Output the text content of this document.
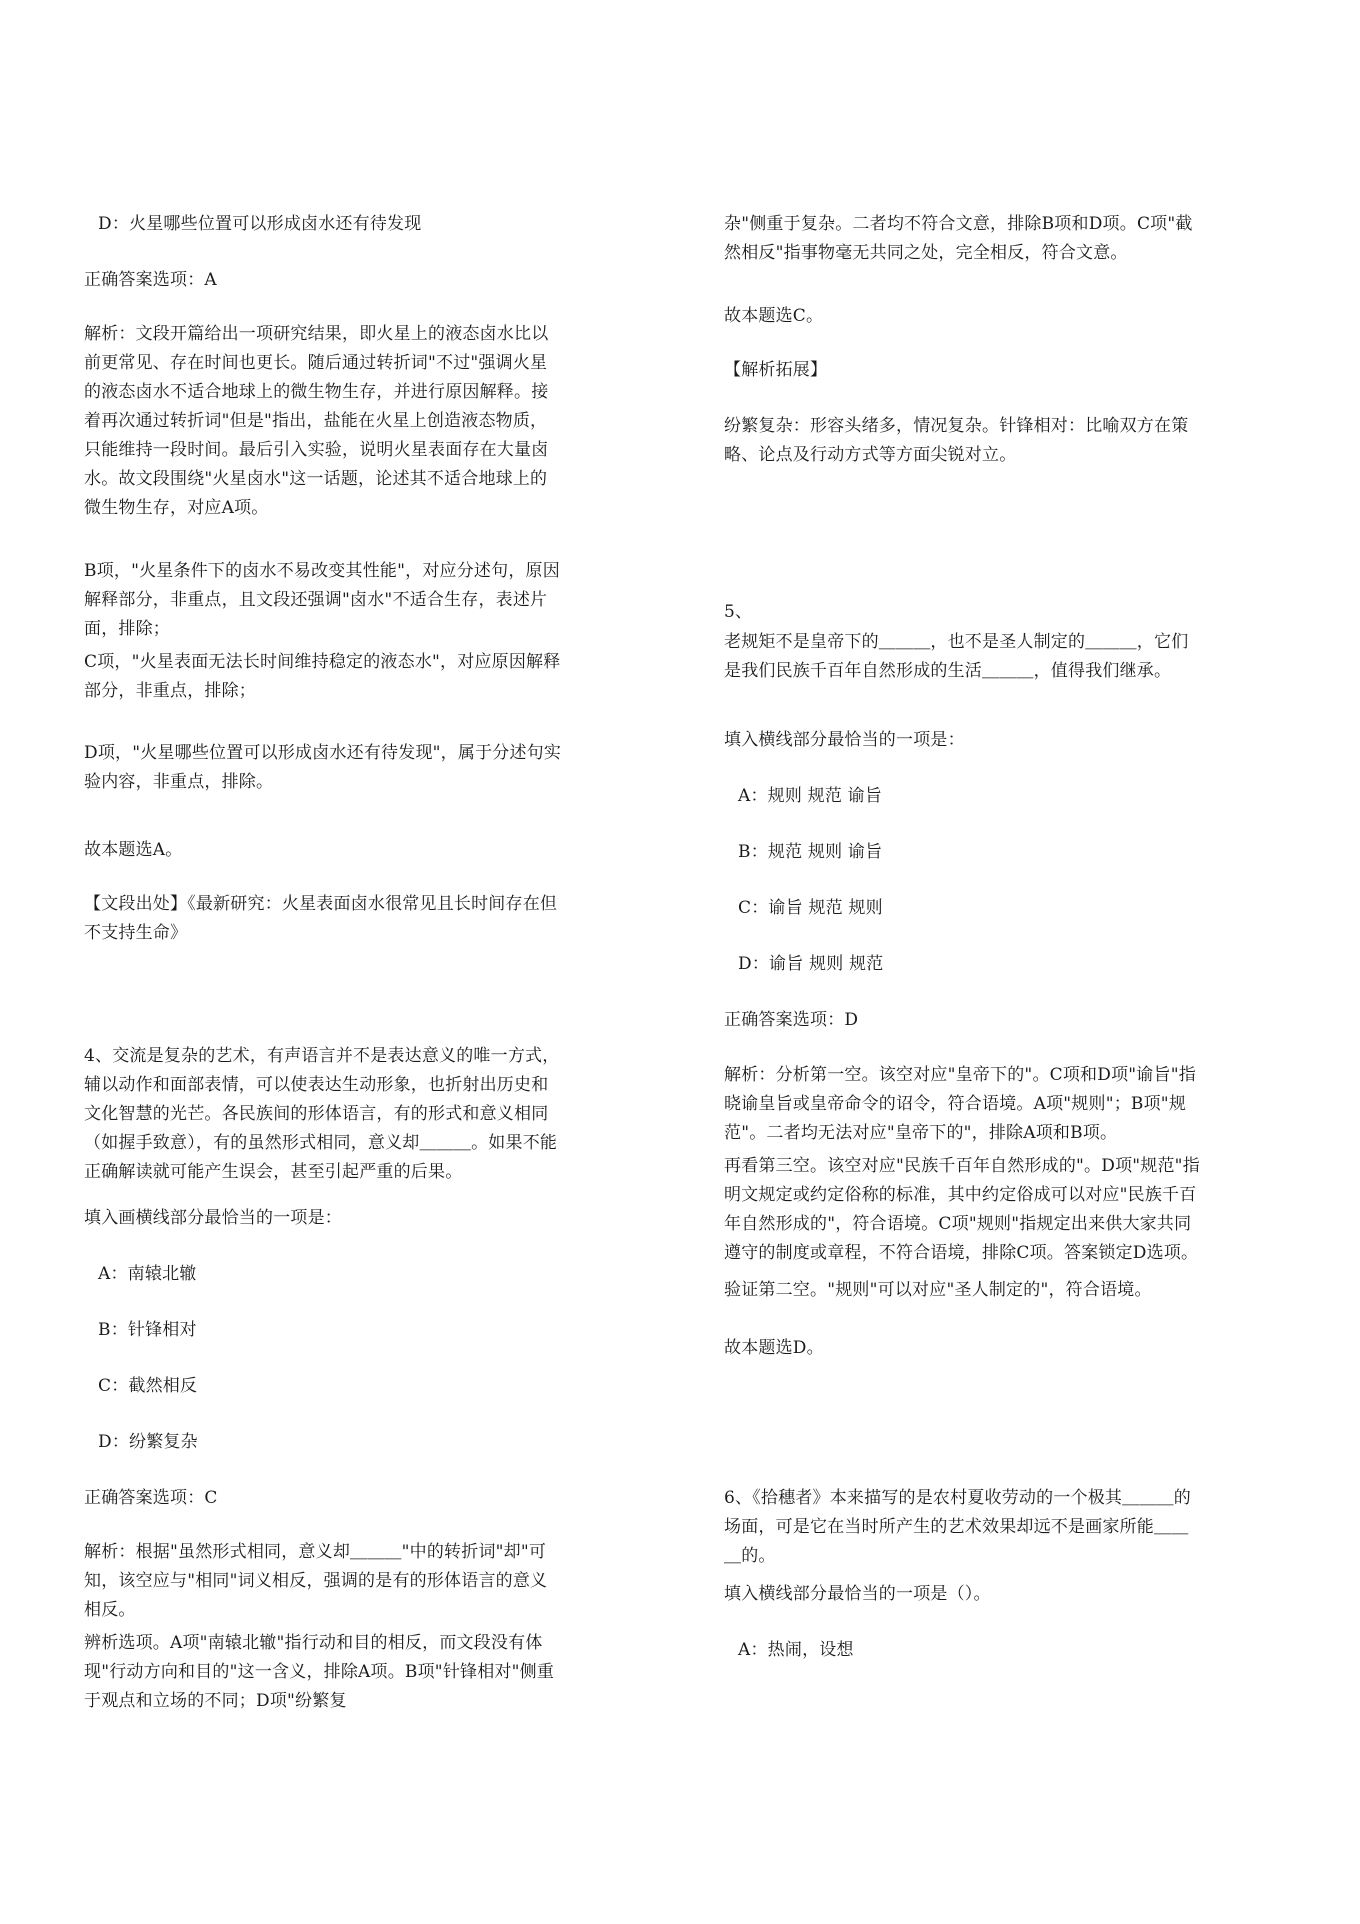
D：火星哪些位置可以形成卤水还有待发现

正确答案选项：A

解析：文段开篇给出一项研究结果，即火星上的液态卤水比以前更常见、存在时间也更长。随后通过转折词"不过"强调火星的液态卤水不适合地球上的微生物生存，并进行原因解释。接着再次通过转折词"但是"指出，盐能在火星上创造液态物质，只能维持一段时间。最后引入实验，说明火星表面存在大量卤水。故文段围绕"火星卤水"这一话题，论述其不适合地球上的微生物生存，对应A项。

B项，"火星条件下的卤水不易改变其性能"，对应分述句，原因解释部分，非重点，且文段还强调"卤水"不适合生存，表述片面，排除；

C项，"火星表面无法长时间维持稳定的液态水"，对应原因解释部分，非重点，排除；

D项，"火星哪些位置可以形成卤水还有待发现"，属于分述句实验内容，非重点，排除。

故本题选A。

【文段出处】《最新研究：火星表面卤水很常见且长时间存在但不支持生命》

4、交流是复杂的艺术，有声语言并不是表达意义的唯一方式，辅以动作和面部表情，可以使表达生动形象，也折射出历史和文化智慧的光芒。各民族间的形体语言，有的形式和意义相同（如握手致意），有的虽然形式相同，意义却＿＿＿。如果不能正确解读就可能产生误会，甚至引起严重的后果。

填入画横线部分最恰当的一项是：

A：南辕北辙

B：针锋相对

C：截然相反

D：纷繁复杂

正确答案选项：C

解析：根据"虽然形式相同，意义却＿＿＿"中的转折词"却"可知，该空应与"相同"词义相反，强调的是有的形体语言的意义相反。

辨析选项。A项"南辕北辙"指行动和目的相反，而文段没有体现"行动方向和目的"这一含义，排除A项。B项"针锋相对"侧重于观点和立场的不同；D项"纷繁复

杂"侧重于复杂。二者均不符合文意，排除B项和D项。C项"截然相反"指事物毫无共同之处，完全相反，符合文意。

故本题选C。

【解析拓展】

纷繁复杂：形容头绪多，情况复杂。针锋相对：比喻双方在策略、论点及行动方式等方面尖锐对立。

5、

老规矩不是皇帝下的＿＿＿，也不是圣人制定的＿＿＿，它们是我们民族千百年自然形成的生活＿＿＿，值得我们继承。

填入横线部分最恰当的一项是：

A：规则 规范 谕旨

B：规范 规则 谕旨

C：谕旨 规范 规则

D：谕旨 规则 规范

正确答案选项：D

解析：分析第一空。该空对应"皇帝下的"。C项和D项"谕旨"指晓谕皇旨或皇帝命令的诏令，符合语境。A项"规则"；B项"规范"。二者均无法对应"皇帝下的"，排除A项和B项。

再看第三空。该空对应"民族千百年自然形成的"。D项"规范"指明文规定或约定俗称的标准，其中约定俗成可以对应"民族千百年自然形成的"，符合语境。C项"规则"指规定出来供大家共同遵守的制度或章程，不符合语境，排除C项。答案锁定D选项。

验证第二空。"规则"可以对应"圣人制定的"，符合语境。

故本题选D。

6、《拾穗者》本来描写的是农村夏收劳动的一个极其＿＿＿的场面，可是它在当时所产生的艺术效果却远不是画家所能＿＿＿的。

填入横线部分最恰当的一项是（）。

A：热闹，设想
